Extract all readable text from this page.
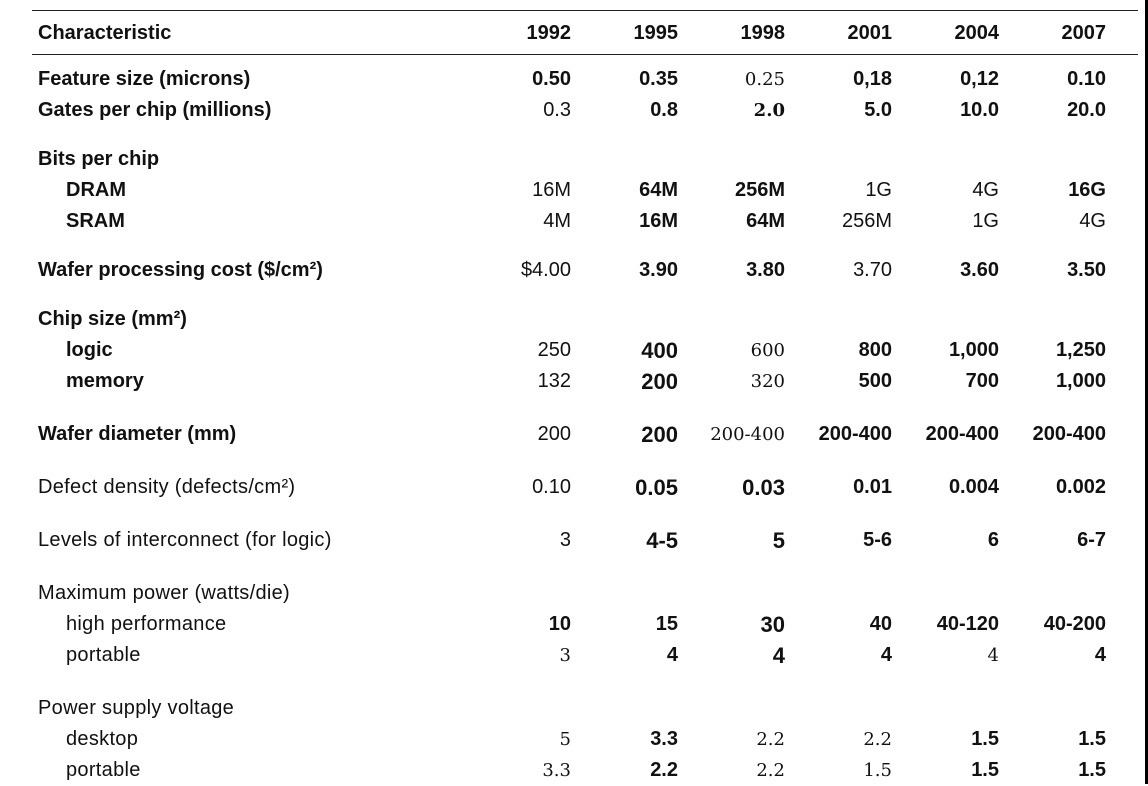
Characteristic	1992	1995	1998	2001	2004	2007

Feature size (microns)	0.50	0.35	0.25	0,18	0,12	0.10
Gates per chip (millions)	0.3	0.8	2.0	5.0	10.0	20.0

Bits per chip						
DRAM	16M	64M	256M	1G	4G	16G
SRAM	4M	16M	64M	256M	1G	4G

Wafer processing cost ($/cm²)	$4.00	3.90	3.80	3.70	3.60	3.50

Chip size (mm²)						
logic	250	400	600	800	1,000	1,250
memory	132	200	320	500	700	1,000

Wafer diameter (mm)	200	200	200-400	200-400	200-400	200-400

Defect density (defects/cm²)	0.10	0.05	0.03	0.01	0.004	0.002

Levels of interconnect (for logic)	3	4-5	5	5-6	6	6-7

Maximum power (watts/die)						
high performance	10	15	30	40	40-120	40-200
portable	3	4	4	4	4	4

Power supply voltage						
desktop	5	3.3	2.2	2.2	1.5	1.5
portable	3.3	2.2	2.2	1.5	1.5	1.5
